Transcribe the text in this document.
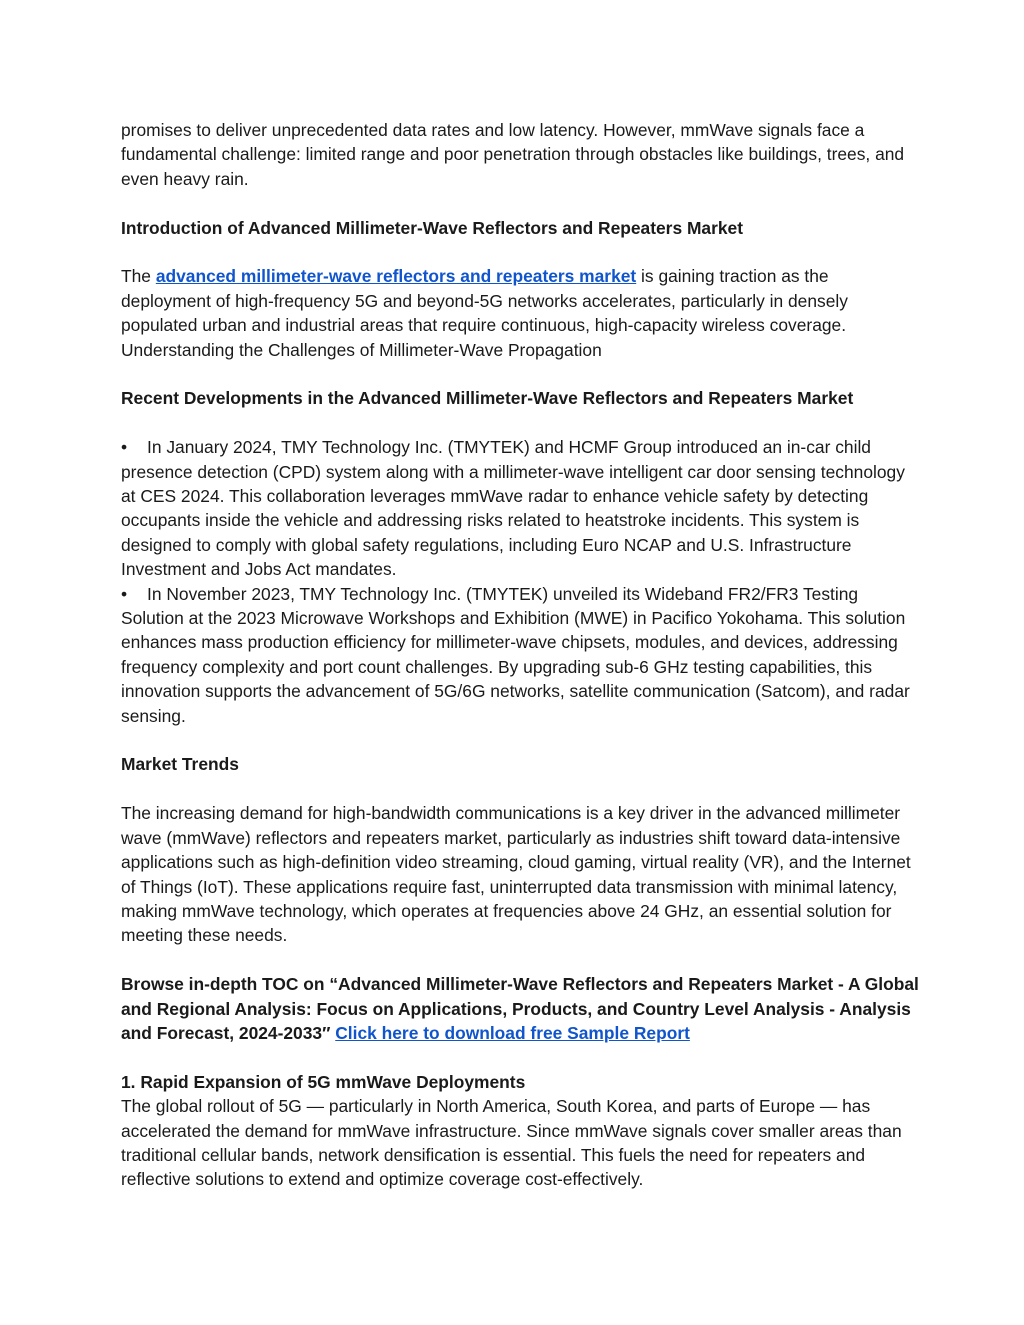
promises to deliver unprecedented data rates and low latency. However, mmWave signals face a fundamental challenge: limited range and poor penetration through obstacles like buildings, trees, and even heavy rain.

Introduction of Advanced Millimeter-Wave Reflectors and Repeaters Market

The advanced millimeter-wave reflectors and repeaters market is gaining traction as the deployment of high-frequency 5G and beyond-5G networks accelerates, particularly in densely populated urban and industrial areas that require continuous, high-capacity wireless coverage.

Understanding the Challenges of Millimeter-Wave Propagation

Recent Developments in the Advanced Millimeter-Wave Reflectors and Repeaters Market

• In January 2024, TMY Technology Inc. (TMYTEK) and HCMF Group introduced an in-car child presence detection (CPD) system along with a millimeter-wave intelligent car door sensing technology at CES 2024. This collaboration leverages mmWave radar to enhance vehicle safety by detecting occupants inside the vehicle and addressing risks related to heatstroke incidents. This system is designed to comply with global safety regulations, including Euro NCAP and U.S. Infrastructure Investment and Jobs Act mandates.

• In November 2023, TMY Technology Inc. (TMYTEK) unveiled its Wideband FR2/FR3 Testing Solution at the 2023 Microwave Workshops and Exhibition (MWE) in Pacifico Yokohama. This solution enhances mass production efficiency for millimeter-wave chipsets, modules, and devices, addressing frequency complexity and port count challenges. By upgrading sub-6 GHz testing capabilities, this innovation supports the advancement of 5G/6G networks, satellite communication (Satcom), and radar sensing.

Market Trends

The increasing demand for high-bandwidth communications is a key driver in the advanced millimeter wave (mmWave) reflectors and repeaters market, particularly as industries shift toward data-intensive applications such as high-definition video streaming, cloud gaming, virtual reality (VR), and the Internet of Things (IoT). These applications require fast, uninterrupted data transmission with minimal latency, making mmWave technology, which operates at frequencies above 24 GHz, an essential solution for meeting these needs.

Browse in-depth TOC on “Advanced Millimeter-Wave Reflectors and Repeaters Market - A Global and Regional Analysis: Focus on Applications, Products, and Country Level Analysis - Analysis and Forecast, 2024-2033″ Click here to download free Sample Report

1. Rapid Expansion of 5G mmWave Deployments

The global rollout of 5G — particularly in North America, South Korea, and parts of Europe — has accelerated the demand for mmWave infrastructure. Since mmWave signals cover smaller areas than traditional cellular bands, network densification is essential. This fuels the need for repeaters and reflective solutions to extend and optimize coverage cost-effectively.
